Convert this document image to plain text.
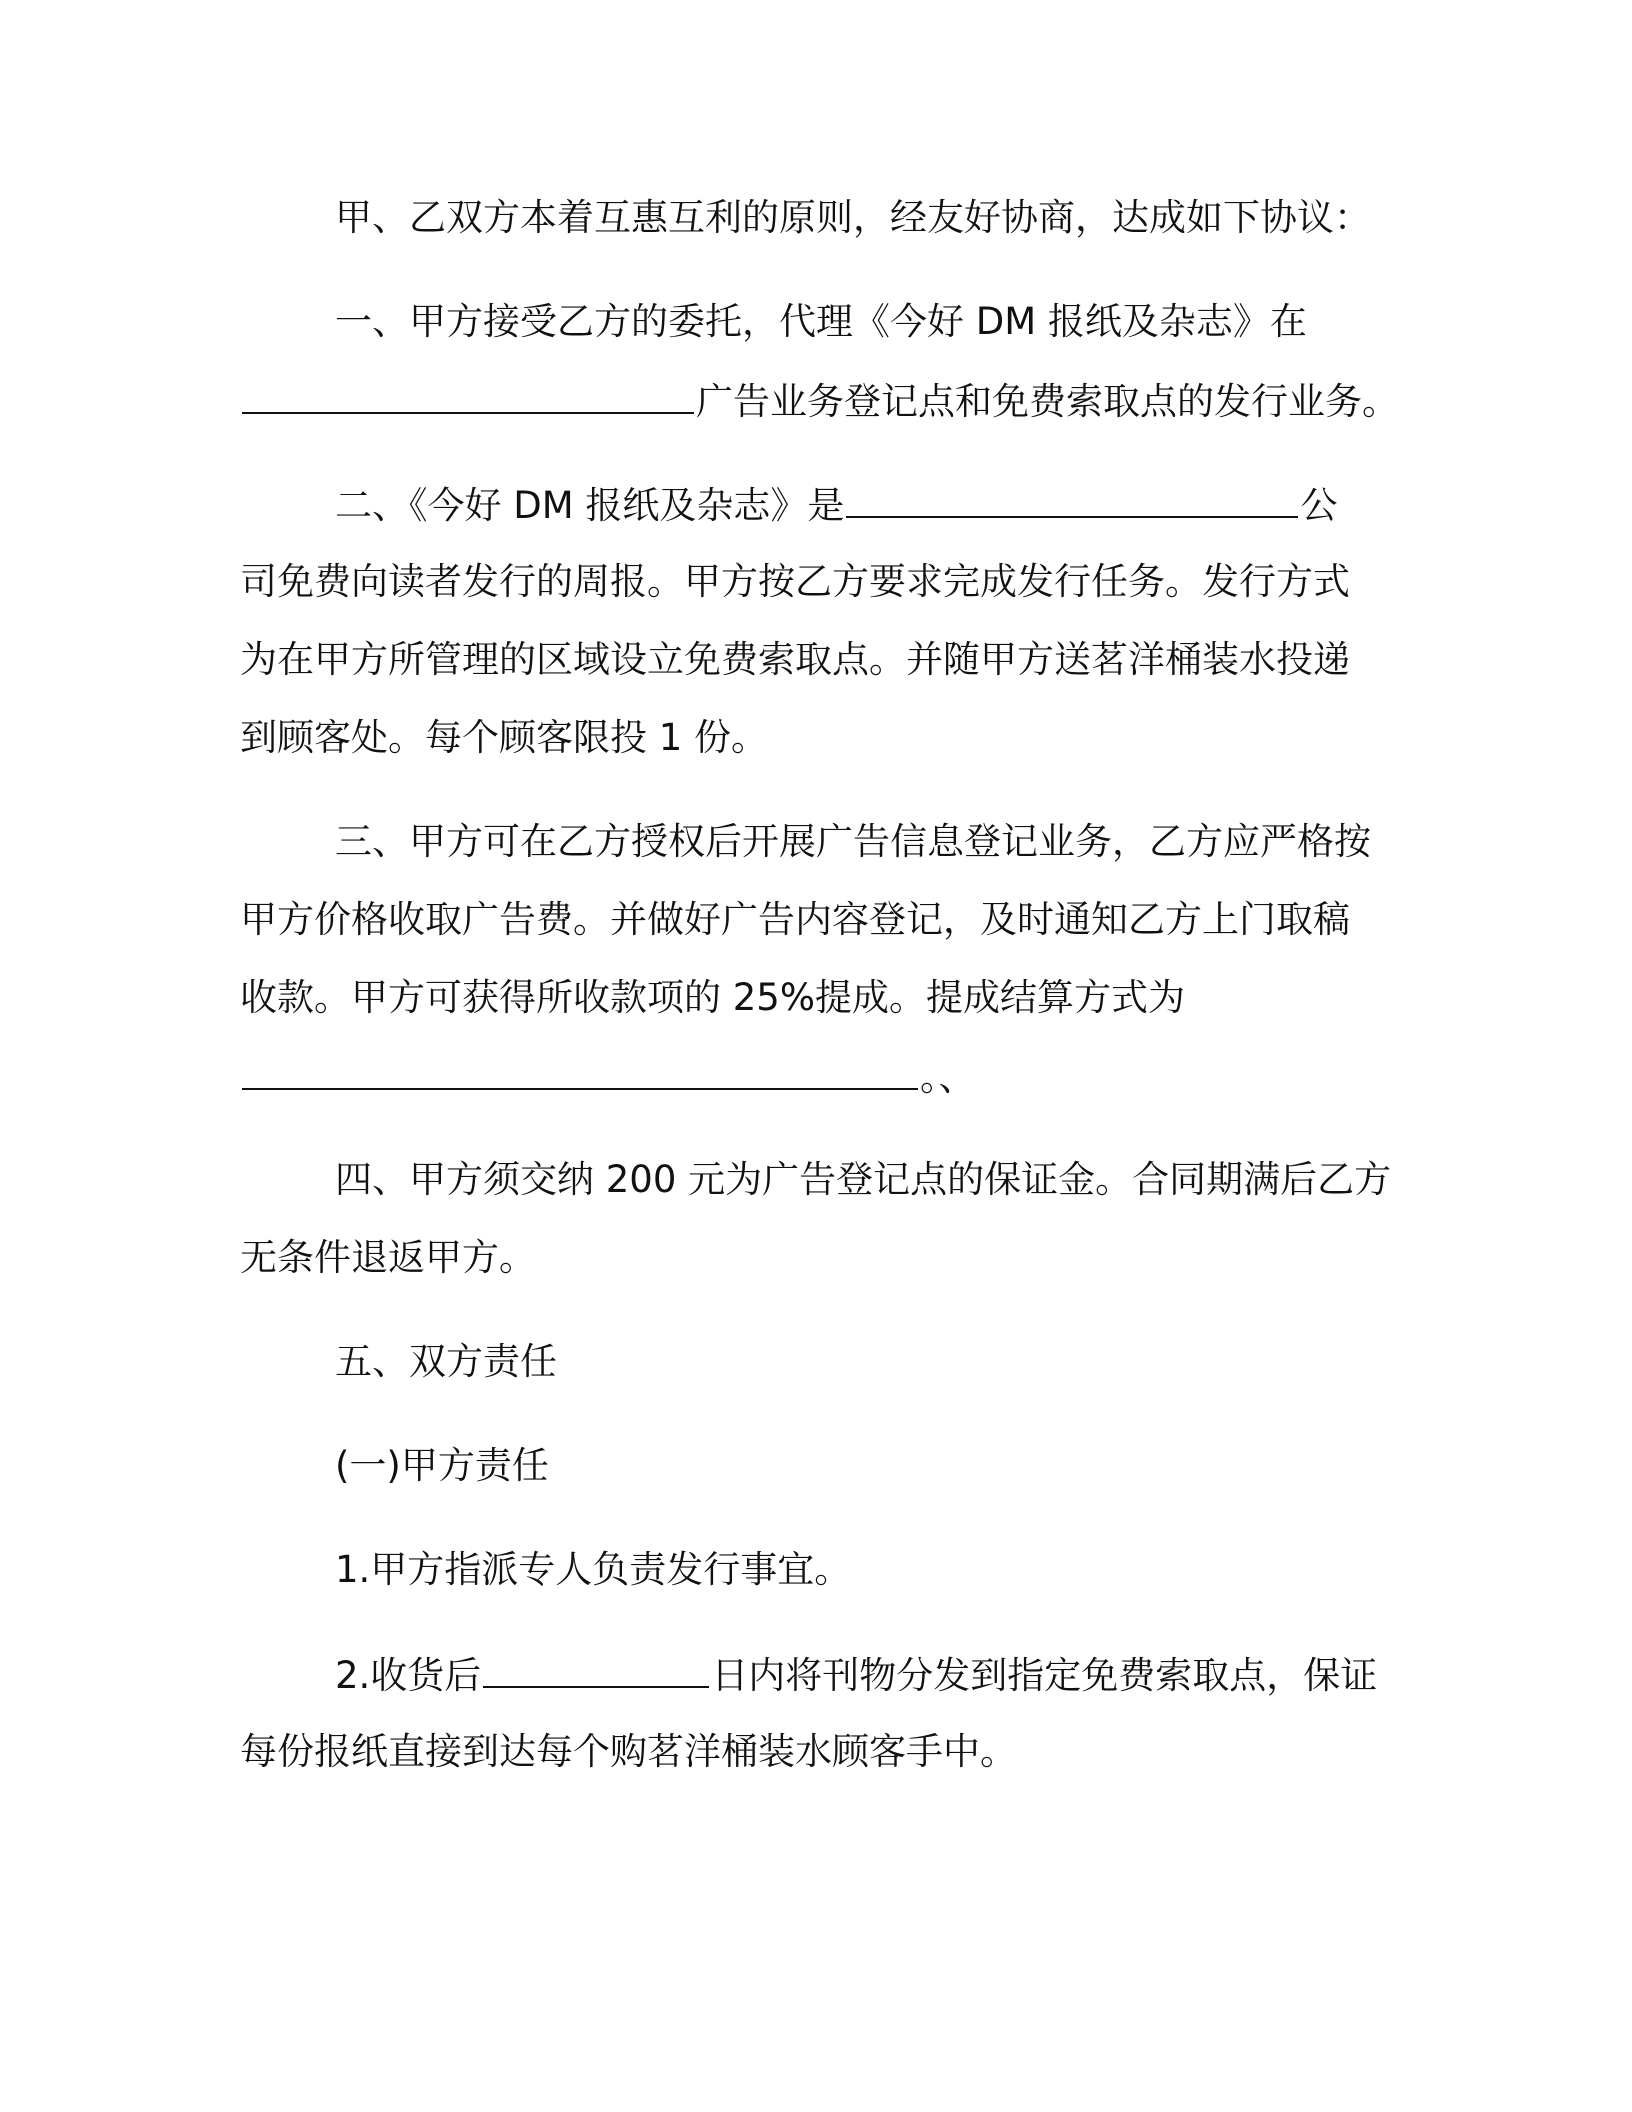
甲、乙双方本着互惠互利的原则，经友好协商，达成如下协议：
一、甲方接受乙方的委托，代理《今好 DM 报纸及杂志》在
广告业务登记点和免费索取点的发行业务。
二、《今好 DM 报纸及杂志》是	公
司免费向读者发行的周报。甲方按乙方要求完成发行任务。发行方式
为在甲方所管理的区域设立免费索取点。并随甲方送茗洋桶装水投递
到顾客处。每个顾客限投 1 份。
三、甲方可在乙方授权后开展广告信息登记业务，乙方应严格按
甲方价格收取广告费。并做好广告内容登记，及时通知乙方上门取稿
收款。甲方可获得所收款项的 25%提成。提成结算方式为
。、
四、甲方须交纳 200 元为广告登记点的保证金。合同期满后乙方
无条件退返甲方。
五、双方责任
(一)甲方责任
1.甲方指派专人负责发行事宜。
2.收货后	日内将刊物分发到指定免费索取点，保证
每份报纸直接到达每个购茗洋桶装水顾客手中。
